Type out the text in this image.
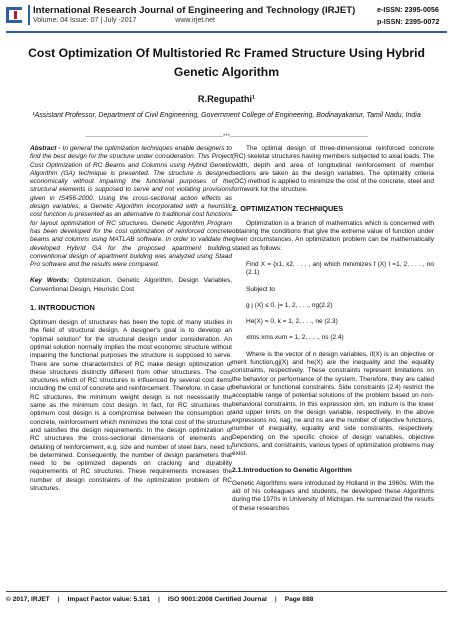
International Research Journal of Engineering and Technology (IRJET)
Volume: 04 Issue: 07 | July -2017                    www.irjet.net
e-ISSN: 2395-0056
p-ISSN: 2395-0072
Cost Optimization Of Multistoried Rc Framed Structure Using Hybrid Genetic Algorithm
R.Regupathi¹
¹Assistant Professor, Department of Civil Engineering, Government College of Engineering, Bodinayakanur, Tamil Nadu, India
---------------------------------------------------------------------***---------------------------------------------------------------------

Abstract - In general the optimization techniques enable designers to find the best design for the structure under consideration. This Project Cost Optimization of RC Beams and Columns using Hybrid Genetic Algorithm (GA) technique is presented. The structure is designed economically without impairing the functional purposes of the structural elements is supposed to serve and not violating provisions given in IS456-2000. Using the cross-sectional action effects as design variables, a Genetic Algorithm incorporated with a heuristic cost function is presented as an alternative to traditional cost functions for layout optimization of RC structures. Genetic Algorithm Program has been developed for the cost optimization of reinforced concrete beams and columns using MATLAB software. In order to validate the developed Hybrid GA for the proposed apartment building, conventional design of apartment building was analyzed using Staad Pro software and the results were compared.

Key Words: Optimization, Genetic Algorithm, Design Variables, Conventional Design, Heuristic Cost

1. INTRODUCTION

Optimum design of structures has been the topic of many studies in the field of structural design. A designer's goal is to develop an “optimal solution” for the structural design under consideration. An optimal solution normally implies the most economic structure without impairing the functional purposes the structure is supposed to serve. There are some characteristics of RC make design optimization of these structures distinctly different from other structures. The cost structures which of RC structures is influenced by several cost items including the cost of concrete and reinforcement. Therefore, in case of RC structures, the minimum weight design is not necessarily the same as the minimum cost design. In fact, for RC structures the optimum cost design is a compromise between the consumption of concrete, reinforcement which minimizes the total cost of the structure and satisfies the design requirements. In the design optimization of RC structures the cross-sectional dimensions of elements and detailing of reinforcement, e.g. size and number of steel bars, need to be determined. Consequently, the number of design parameters that need to be optimized depends on cracking and durability requirements of RC structures. These requirements increases the number of design constraints of the optimization problem of RC structures.

The optimal design of three-dimensional reinforced concrete (RC) skeletal structures having members subjected to axial loads. The width, depth and area of longitudinal reinforcement of member sections are taken as the design variables. The optimality criteria (OC) method is applied to minimize the cost of the concrete, steel and formwork for the structure.

2. OPTIMIZATION TECHNIQUES

Optimization is a branch of mathematics which is concerned with obtaining the conditions that give the extreme value of function under given circumstances. An optimization problem can be mathematically stated as follows:

Find X = {x1, x2, . . . , an} which minimizes f (X) I =1, 2, . . . , no (2.1)

Subject to

g j (X) ≤ 0, j= 1, 2, . . ., ng(2.2)

He(X) = 0, k = 1, 2, . . ., ne (2.3)

xlms xms xum = 1, 2, . . ., ns (2.4)

Where is the vector of n design variables, if(X) is an objective or merit function,gj(X) and he(X) are the inequality and the equality constraints, respectively. These constraints represent limitations on the behavior or performance of the system. Therefore, they are called behavioral or functional constraints. Side constraints (2.4) restrict the acceptable range of potential solutions of the problem based on non-behavioral constraints. In this expression xlm, xm indium is the lower and upper limits on the design variable, respectively. In the above expressions no, nag, ne and ns are the number of objective functions, number of inequality, equality and side constraints, respectively. Depending on the specific choice of design variables, objective functions, and constraints, various types of optimization problems may exist.

2.1.Introduction to Genetic Algorithm

Genetic Algorithms were introduced by Holland in the 1960s. With the aid of his colleagues and students, he developed these Algorithms during the 1970s in University of Michigan. He summarized the results of these researches

© 2017, IRJET | Impact Factor value: 5.181 | ISO 9001:2008 Certified Journal | Page 888
